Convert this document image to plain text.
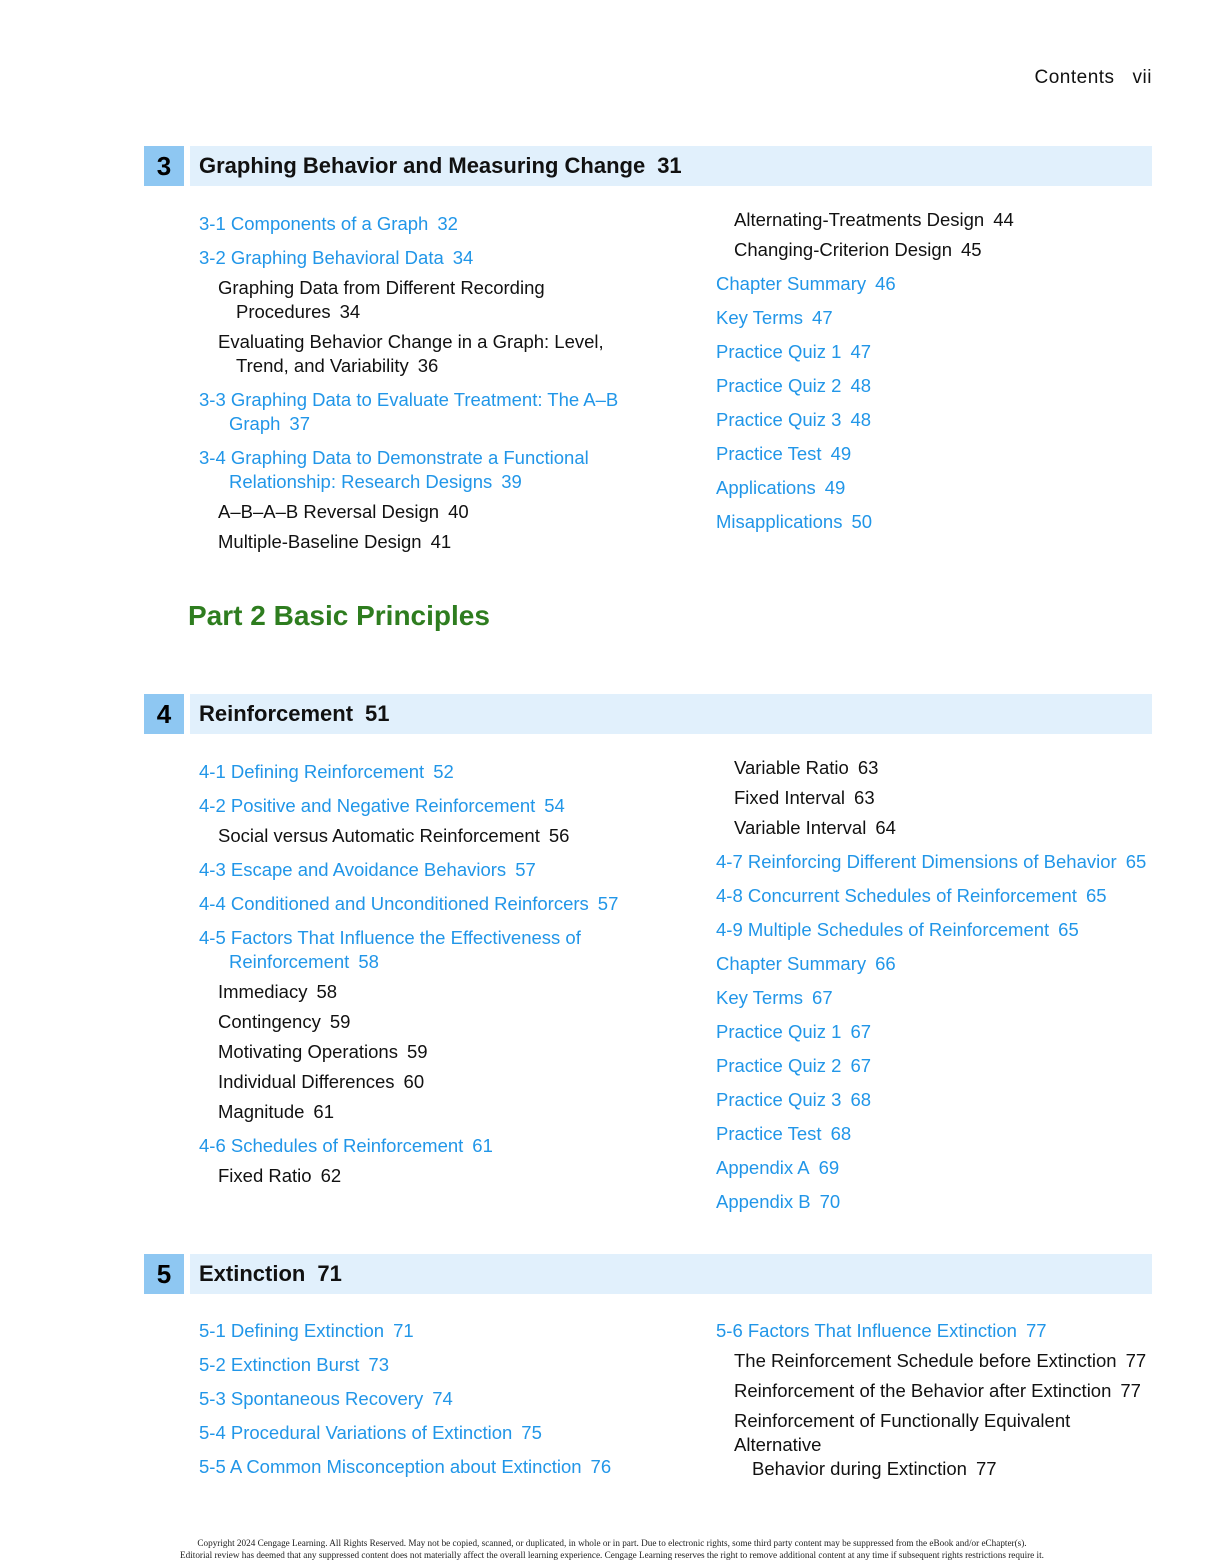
Contents vii
3	Graphing Behavior and Measuring Change 31
3-1 Components of a Graph 32
3-2 Graphing Behavioral Data 34
Graphing Data from Different Recording
Procedures 34
Evaluating Behavior Change in a Graph: Level,
Trend, and Variability 36
3-3 Graphing Data to Evaluate Treatment: The A–B
Graph 37
3-4 Graphing Data to Demonstrate a Functional
Relationship: Research Designs 39
A–B–A–B Reversal Design 40
Multiple-Baseline Design 41
Alternating-Treatments Design 44
Changing-Criterion Design 45
Chapter Summary 46
Key Terms 47
Practice Quiz 1 47
Practice Quiz 2 48
Practice Quiz 3 48
Practice Test 49
Applications 49
Misapplications 50
Part 2 Basic Principles
4	Reinforcement 51
4-1 Defining Reinforcement 52
4-2 Positive and Negative Reinforcement 54
Social versus Automatic Reinforcement 56
4-3 Escape and Avoidance Behaviors 57
4-4 Conditioned and Unconditioned Reinforcers 57
4-5 Factors That Influence the Effectiveness of
Reinforcement 58
Immediacy 58
Contingency 59
Motivating Operations 59
Individual Differences 60
Magnitude 61
4-6 Schedules of Reinforcement 61
Fixed Ratio 62
Variable Ratio 63
Fixed Interval 63
Variable Interval 64
4-7 Reinforcing Different Dimensions of Behavior 65
4-8 Concurrent Schedules of Reinforcement 65
4-9 Multiple Schedules of Reinforcement 65
Chapter Summary 66
Key Terms 67
Practice Quiz 1 67
Practice Quiz 2 67
Practice Quiz 3 68
Practice Test 68
Appendix A 69
Appendix B 70
5	Extinction 71
5-1 Defining Extinction 71
5-2 Extinction Burst 73
5-3 Spontaneous Recovery 74
5-4 Procedural Variations of Extinction 75
5-5 A Common Misconception about Extinction 76
5-6 Factors That Influence Extinction 77
The Reinforcement Schedule before Extinction 77
Reinforcement of the Behavior after Extinction 77
Reinforcement of Functionally Equivalent Alternative
Behavior during Extinction 77
Copyright 2024 Cengage Learning. All Rights Reserved. May not be copied, scanned, or duplicated, in whole or in part. Due to electronic rights, some third party content may be suppressed from the eBook and/or eChapter(s).
Editorial review has deemed that any suppressed content does not materially affect the overall learning experience. Cengage Learning reserves the right to remove additional content at any time if subsequent rights restrictions require it.
